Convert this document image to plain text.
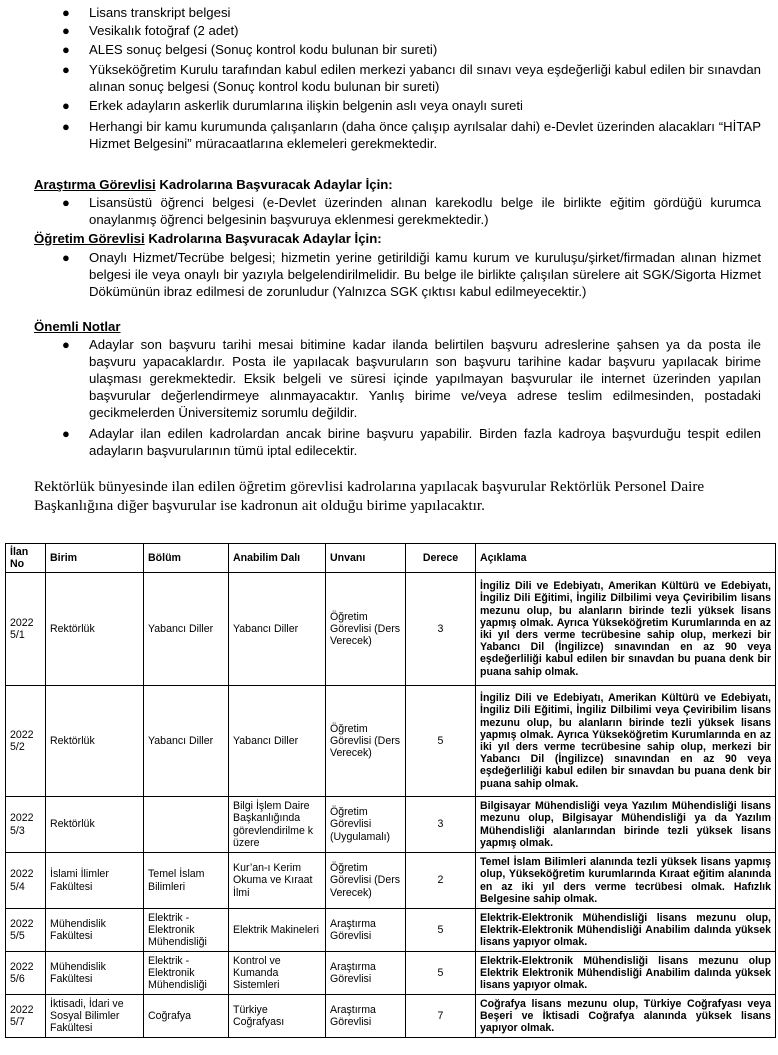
● Lisans transkript belgesi
● Vesikalık fotoğraf (2 adet)
● ALES sonuç belgesi (Sonuç kontrol kodu bulunan bir sureti)
● Yükseköğretim Kurulu tarafından kabul edilen merkezi yabancı dil sınavı veya eşdeğerliği kabul edilen bir sınavdan alınan sonuç belgesi (Sonuç kontrol kodu bulunan bir sureti)
● Erkek adayların askerlik durumlarına ilişkin belgenin aslı veya onaylı sureti
● Herhangi bir kamu kurumunda çalışanların (daha önce çalışıp ayrılsalar dahi) e-Devlet üzerinden alacakları “HİTAP Hizmet Belgesini” müracaatlarına eklemeleri gerekmektedir.
Araştırma Görevlisi Kadrolarına Başvuracak Adaylar İçin:
● Lisansüstü öğrenci belgesi (e-Devlet üzerinden alınan karekodlu belge ile birlikte eğitim gördüğü kurumca onaylanmış öğrenci belgesinin başvuruya eklenmesi gerekmektedir.)
Öğretim Görevlisi Kadrolarına Başvuracak Adaylar İçin:
● Onaylı Hizmet/Tecrübe belgesi; hizmetin yerine getirildiği kamu kurum ve kuruluşu/şirket/firmadan alınan hizmet belgesi ile veya onaylı bir yazıyla belgelendirilmelidir. Bu belge ile birlikte çalışılan sürelere ait SGK/Sigorta Hizmet Dökümünün ibraz edilmesi de zorunludur (Yalnızca SGK çıktısı kabul edilmeyecektir.)
Önemli Notlar
● Adaylar son başvuru tarihi mesai bitimine kadar ilanda belirtilen başvuru adreslerine şahsen ya da posta ile başvuru yapacaklardır. Posta ile yapılacak başvuruların son başvuru tarihine kadar başvuru yapılacak birime ulaşması gerekmektedir. Eksik belgeli ve süresi içinde yapılmayan başvurular ile internet üzerinden yapılan başvurular değerlendirmeye alınmayacaktır. Yanlış birime ve/veya adrese teslim edilmesinden, postadaki gecikmelerden Üniversitemiz sorumlu değildir.
● Adaylar ilan edilen kadrolardan ancak birine başvuru yapabilir. Birden fazla kadroya başvurduğu tespit edilen adayların başvurularının tümü iptal edilecektir.
Rektörlük bünyesinde ilan edilen öğretim görevlisi kadrolarına yapılacak başvurular Rektörlük Personel Daire Başkanlığına diğer başvurular ise kadronun ait olduğu birime yapılacaktır.
İlan No	Birim	Bölüm	Anabilim Dalı	Unvanı	Derece	Açıklama
2022 5/1	Rektörlük	Yabancı Diller	Yabancı Diller	Öğretim Görevlisi (Ders Verecek)	3	İngiliz Dili ve Edebiyatı, Amerikan Kültürü ve Edebiyatı, İngiliz Dili Eğitimi, İngiliz Dilbilimi veya Çeviribilim lisans mezunu olup, bu alanların birinde tezli yüksek lisans yapmış olmak. Ayrıca Yükseköğretim Kurumlarında en az iki yıl ders verme tecrübesine sahip olup, merkezi bir Yabancı Dil (İngilizce) sınavından en az 90 veya eşdeğerliliği kabul edilen bir sınavdan bu puana denk bir puana sahip olmak.
2022 5/2	Rektörlük	Yabancı Diller	Yabancı Diller	Öğretim Görevlisi (Ders Verecek)	5	İngiliz Dili ve Edebiyatı, Amerikan Kültürü ve Edebiyatı, İngiliz Dili Eğitimi, İngiliz Dilbilimi veya Çeviribilim lisans mezunu olup, bu alanların birinde tezli yüksek lisans yapmış olmak. Ayrıca Yükseköğretim Kurumlarında en az iki yıl ders verme tecrübesine sahip olup, merkezi bir Yabancı Dil (İngilizce) sınavından en az 90 veya eşdeğerliliği kabul edilen bir sınavdan bu puana denk bir puana sahip olmak.
2022 5/3	Rektörlük		Bilgi İşlem Daire Başkanlığında görevlendirilme k üzere	Öğretim Görevlisi (Uygulamalı)	3	Bilgisayar Mühendisliği veya Yazılım Mühendisliği lisans mezunu olup, Bilgisayar Mühendisliği ya da Yazılım Mühendisliği alanlarından birinde tezli yüksek lisans yapmış olmak.
2022 5/4	İslami İlimler Fakültesi	Temel İslam Bilimleri	Kur’an-ı Kerim Okuma ve Kıraat İlmi	Öğretim Görevlisi (Ders Verecek)	2	Temel İslam Bilimleri alanında tezli yüksek lisans yapmış olup, Yükseköğretim kurumlarında Kıraat eğitim alanında en az iki yıl ders verme tecrübesi olmak. Hafızlık Belgesine sahip olmak.
2022 5/5	Mühendislik Fakültesi	Elektrik - Elektronik Mühendisliği	Elektrik Makineleri	Araştırma Görevlisi	5	Elektrik-Elektronik Mühendisliği lisans mezunu olup, Elektrik-Elektronik Mühendisliği Anabilim dalında yüksek lisans yapıyor olmak.
2022 5/6	Mühendislik Fakültesi	Elektrik - Elektronik Mühendisliği	Kontrol ve Kumanda Sistemleri	Araştırma Görevlisi	5	Elektrik-Elektronik Mühendisliği lisans mezunu olup Elektrik Elektronik Mühendisliği Anabilim dalında yüksek lisans yapıyor olmak.
2022 5/7	İktisadi, İdari ve Sosyal Bilimler Fakültesi	Coğrafya	Türkiye Coğrafyası	Araştırma Görevlisi	7	Coğrafya lisans mezunu olup, Türkiye Coğrafyası veya Beşeri ve İktisadi Coğrafya alanında yüksek lisans yapıyor olmak.
